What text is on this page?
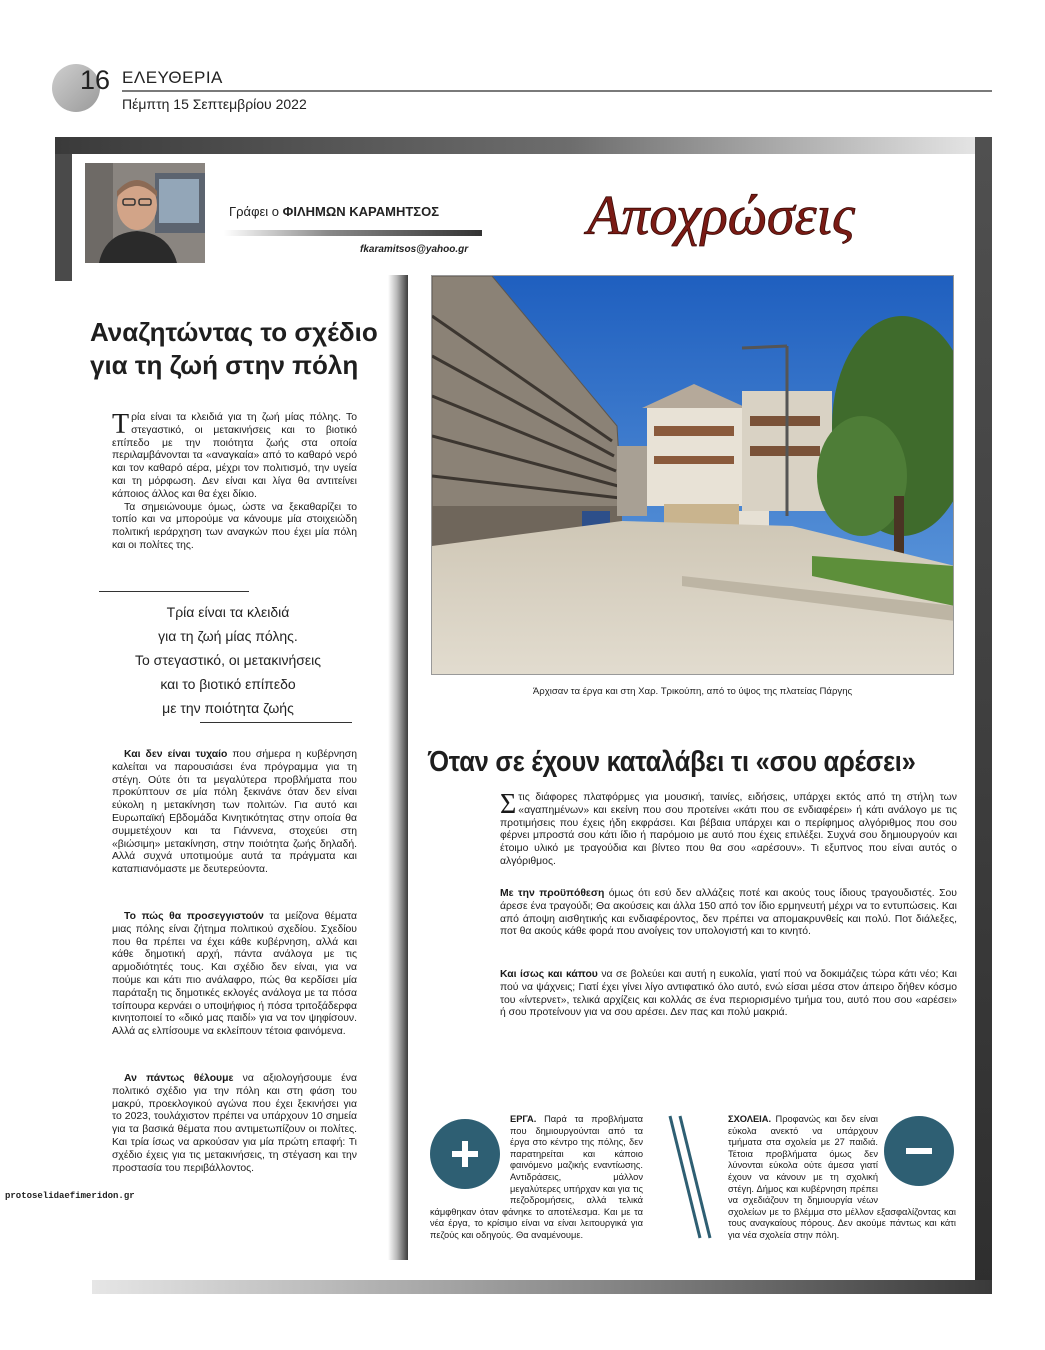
16 ΕΛΕΥΘΕΡΙΑ
Πέμπτη 15 Σεπτεμβρίου 2022
Γράφει ο ΦΙΛΗΜΩΝ ΚΑΡΑΜΗΤΣΟΣ
fkaramitsos@yahoo.gr
Αποχρώσεις
Αναζητώντας το σχέδιο
για τη ζωή στην πόλη

Τρία είναι τα κλειδιά για τη ζωή μίας πόλης. Το στεγαστικό, οι μετακινήσεις και το βιοτικό επίπεδο με την ποιότητα ζωής στα οποία περιλαμβάνονται τα «αναγκαία» από το καθαρό νερό και τον καθαρό αέρα, μέχρι τον πολιτισμό, την υγεία και τη μόρφωση. Δεν είναι και λίγα θα αντιτείνει κάποιος άλλος και θα έχει δίκιο.

Τα σημειώνουμε όμως, ώστε να ξεκαθαρίζει το τοπίο και να μπορούμε να κάνουμε μία στοιχειώδη πολιτική ιεράρχηση των αναγκών που έχει μία πόλη και οι πολίτες της.

Τρία είναι τα κλειδιά
για τη ζωή μίας πόλης.
Το στεγαστικό, οι μετακινήσεις
και το βιοτικό επίπεδο
με την ποιότητα ζωής

Και δεν είναι τυχαίο που σήμερα η κυβέρνηση καλείται να παρουσιάσει ένα πρόγραμμα για τη στέγη. Ούτε ότι τα μεγαλύτερα προβλήματα που προκύπτουν σε μία πόλη ξεκινάνε όταν δεν είναι εύκολη η μετακίνηση των πολιτών. Για αυτό και Ευρωπαϊκή Εβδομάδα Κινητικότητας στην οποία θα συμμετέχουν και τα Γιάννενα, στοχεύει στη «βιώσιμη» μετακίνηση, στην ποιότητα ζωής δηλαδή. Αλλά συχνά υποτιμούμε αυτά τα πράγματα και καταπιανόμαστε με δευτερεύοντα.

Το πώς θα προσεγγιστούν τα μείζονα θέματα μιας πόλης είναι ζήτημα πολιτικού σχεδίου. Σχεδίου που θα πρέπει να έχει κάθε κυβέρνηση, αλλά και κάθε δημοτική αρχή, πάντα ανάλογα με τις αρμοδιότητές τους. Και σχέδιο δεν είναι, για να πούμε και κάτι πιο ανάλαφρο, πώς θα κερδίσει μία παράταξη τις δημοτικές εκλογές ανάλογα με τα πόσα τσίπουρα κερνάει ο υποψήφιος ή πόσα τριτοξάδερφα κινητοποιεί το «δικό μας παιδί» για να τον ψηφίσουν. Αλλά ας ελπίσουμε να εκλείπουν τέτοια φαινόμενα.

Αν πάντως θέλουμε να αξιολογήσουμε ένα πολιτικό σχέδιο για την πόλη και στη φάση του μακρύ, προεκλογικού αγώνα που έχει ξεκινήσει για το 2023, τουλάχιστον πρέπει να υπάρχουν 10 σημεία για τα βασικά θέματα που αντιμετωπίζουν οι πολίτες. Και τρία ίσως να αρκούσαν για μία πρώτη επαφή: Τι σχέδιο έχεις για τις μετακινήσεις, τη στέγαση και την προστασία του περιβάλλοντος.

protoselidaefimeridon.gr
Άρχισαν τα έργα και στη Χαρ. Τρικούπη, από το ύψος της πλατείας Πάργης
Όταν σε έχουν καταλάβει τι «σου αρέσει»

Στις διάφορες πλατφόρμες για μουσική, ταινίες, ειδήσεις, υπάρχει εκτός από τη στήλη των «αγαπημένων» και εκείνη που σου προτείνει «κάτι που σε ενδιαφέρει» ή κάτι ανάλογο με τις προτιμήσεις που έχεις ήδη εκφράσει. Και βέβαια υπάρχει και ο περίφημος αλγόριθμος που σου φέρνει μπροστά σου κάτι ίδιο ή παρόμοιο με αυτό που έχεις επιλέξει. Συχνά σου δημιουργούν και έτοιμο υλικό με τραγούδια και βίντεο που θα σου «αρέσουν». Τι εξυπνος που είναι αυτός ο αλγόριθμος.

Με την προϋπόθεση όμως ότι εσύ δεν αλλάζεις ποτέ και ακούς τους ίδιους τραγουδιστές. Σου άρεσε ένα τραγούδι; Θα ακούσεις και άλλα 150 από τον ίδιο ερμηνευτή μέχρι να το εντυπώσεις. Και από άποψη αισθητικής και ενδιαφέροντος, δεν πρέπει να απομακρυνθείς και πολύ. Ποτ διάλεξες, ποτ θα ακούς κάθε φορά που ανοίγεις τον υπολογιστή και το κινητό.

Και ίσως και κάπου να σε βολεύει και αυτή η ευκολία, γιατί πού να δοκιμάζεις τώρα κάτι νέο; Και πού να ψάχνεις; Γιατί έχει γίνει λίγο αντιφατικό όλο αυτό, ενώ είσαι μέσα στον άπειρο δήθεν κόσμο του «ίντερνετ», τελικά αρχίζεις και κολλάς σε ένα περιορισμένο τμήμα του, αυτό που σου «αρέσει» ή σου προτείνουν για να σου αρέσει. Δεν πας και πολύ μακριά.

ΕΡΓΑ. Παρά τα προβλήματα που δημιουργούνται από τα έργα στο κέντρο της πόλης, δεν παρατηρείται και κάποιο φαινόμενο μαζικής εναντίωσης. Αντιδράσεις, μάλλον μεγαλύτερες υπήρχαν και για τις πεζοδρομήσεις, αλλά τελικά κάμφθηκαν όταν φάνηκε το αποτέλεσμα. Και με τα νέα έργα, το κρίσιμο είναι να είναι λειτουργικά για πεζούς και οδηγούς. Θα αναμένουμε.
ΣΧΟΛΕΙΑ. Προφανώς και δεν είναι εύκολα ανεκτό να υπάρχουν τμήματα στα σχολεία με 27 παιδιά. Τέτοια προβλήματα όμως δεν λύνονται εύκολα ούτε άμεσα γιατί έχουν να κάνουν με τη σχολική στέγη. Δήμος και κυβέρνηση πρέπει να σχεδιάζουν τη δημιουργία νέων σχολείων με το βλέμμα στο μέλλον εξασφαλίζοντας και τους αναγκαίους πόρους. Δεν ακούμε πάντως και κάτι για νέα σχολεία στην πόλη.
